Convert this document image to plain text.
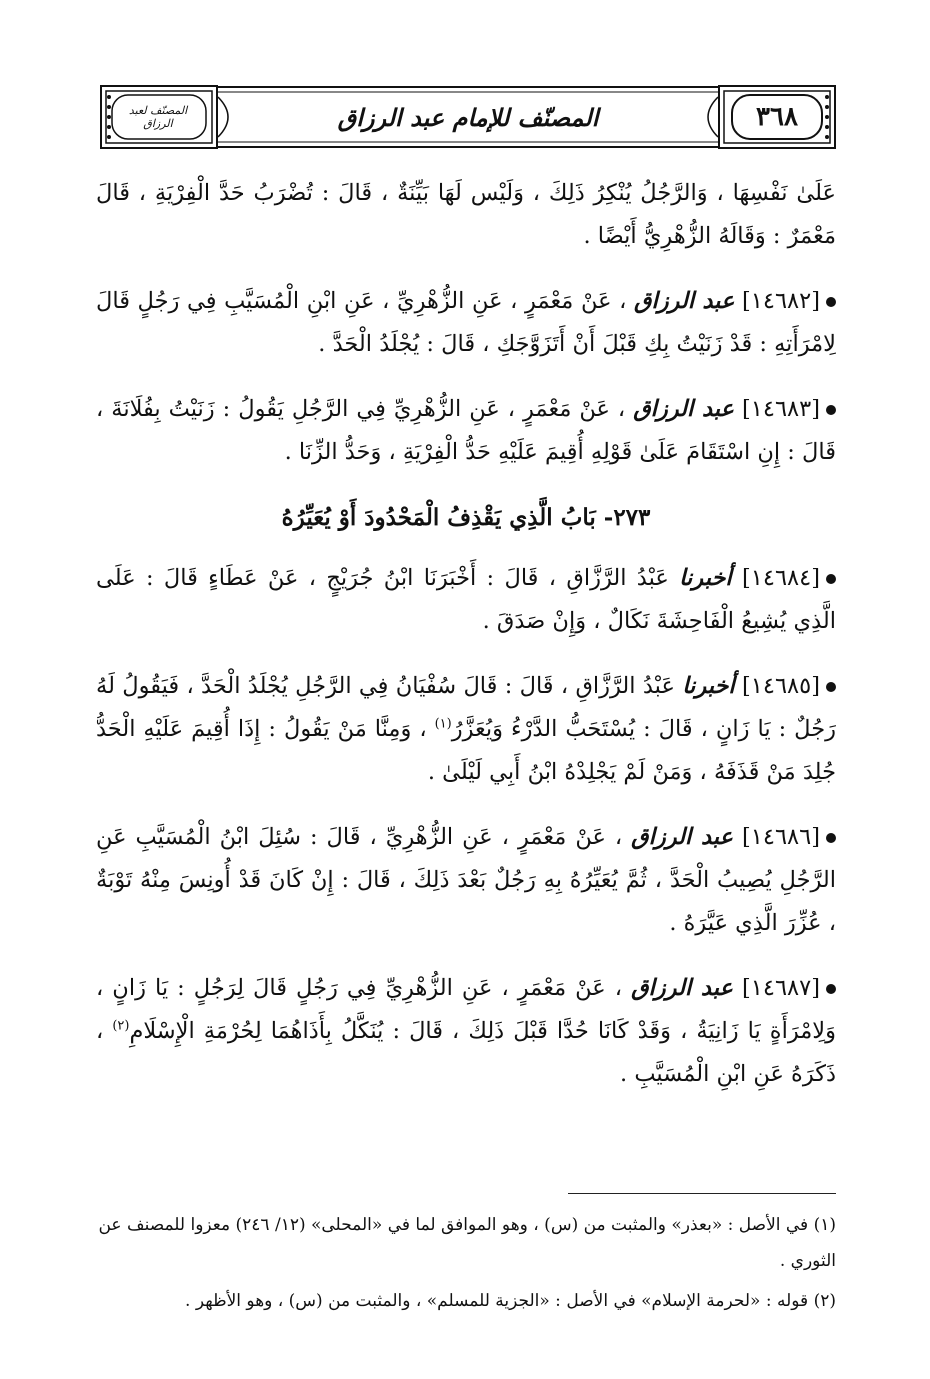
المصنّف لعبد الرزاق	٣٦٨
المصنّف للإمام عبد الرزاق

عَلَىٰ نَفْسِهَا ، وَالرَّجُلُ يُنْكِرُ ذَلِكَ ، وَلَيْس لَهَا بَيِّنَةٌ ، قَالَ : تُضْرَبُ حَدَّ الْفِرْيَةِ ، قَالَ مَعْمَرٌ : وَقَالَهُ الزُّهْرِيُّ أَيْضًا .

[١٤٦٨٢] عبد الرزاق ، عَنْ مَعْمَرٍ ، عَنِ الزُّهْرِيِّ ، عَنِ ابْنِ الْمُسَيَّبِ فِي رَجُلٍ قَالَ لِامْرَأَتِهِ : قَدْ زَنَيْتُ بِكِ قَبْلَ أَنْ أَتَزَوَّجَكِ ، قَالَ : يُجْلَدُ الْحَدَّ .

[١٤٦٨٣] عبد الرزاق ، عَنْ مَعْمَرٍ ، عَنِ الزُّهْرِيِّ فِي الرَّجُلِ يَقُولُ : زَنَيْتُ بِفُلَانَةَ ، قَالَ : إِنِ اسْتَقَامَ عَلَىٰ قَوْلِهِ أُقِيمَ عَلَيْهِ حَدُّ الْفِرْيَةِ ، وَحَدُّ الزِّنَا .

٢٧٣- بَابُ الَّذِي يَقْذِفُ الْمَحْدُودَ أَوْ يُعَيِّرُهُ

[١٤٦٨٤] أخبرنا عَبْدُ الرَّزَّاقِ ، قَالَ : أَخْبَرَنَا ابْنُ جُرَيْجٍ ، عَنْ عَطَاءٍ قَالَ : عَلَى الَّذِي يُشِيعُ الْفَاحِشَةَ نَكَالٌ ، وَإِنْ صَدَقَ .

[١٤٦٨٥] أخبرنا عَبْدُ الرَّزَّاقِ ، قَالَ : قَالَ سُفْيَانُ فِي الرَّجُلِ يُجْلَدُ الْحَدَّ ، فَيَقُولُ لَهُ رَجُلٌ : يَا زَانٍ ، قَالَ : يُسْتَحَبُّ الدَّرْءُ وَيُعَزَّرُ$^{(١)}$ ، وَمِنَّا مَنْ يَقُولُ : إِذَا أُقِيمَ عَلَيْهِ الْحَدُّ جُلِدَ مَنْ قَذَفَهُ ، وَمَنْ لَمْ يَجْلِدْهُ ابْنُ أَبِي لَيْلَىٰ .

[١٤٦٨٦] عبد الرزاق ، عَنْ مَعْمَرٍ ، عَنِ الزُّهْرِيِّ ، قَالَ : سُئِلَ ابْنُ الْمُسَيَّبِ عَنِ الرَّجُلِ يُصِيبُ الْحَدَّ ، ثُمَّ يُعَيِّرُهُ بِهِ رَجُلٌ بَعْدَ ذَلِكَ ، قَالَ : إِنْ كَانَ قَدْ أُونِسَ مِنْهُ تَوْبَةٌ ، عُزِّرَ الَّذِي عَيَّرَهُ .

[١٤٦٨٧] عبد الرزاق ، عَنْ مَعْمَرٍ ، عَنِ الزُّهْرِيِّ فِي رَجُلٍ قَالَ لِرَجُلٍ : يَا زَانٍ ، وَلِامْرَأَةٍ يَا زَانِيَةُ ، وَقَدْ كَانَا حُدَّا قَبْلَ ذَلِكَ ، قَالَ : يُنَكَّلُ بِأَذَاهُمَا لِحُرْمَةِ الْإِسْلَامِ$^{(٢)}$ ، ذَكَرَهُ عَنِ ابْنِ الْمُسَيَّبِ .

(١) في الأصل : «بعذر» والمثبت من (س) ، وهو الموافق لما في «المحلى» (١٢/ ٢٤٦) معزوا للمصنف عن الثوري .

(٢) قوله : «لحرمة الإسلام» في الأصل : «الجزية للمسلم» ، والمثبت من (س) ، وهو الأظهر .
